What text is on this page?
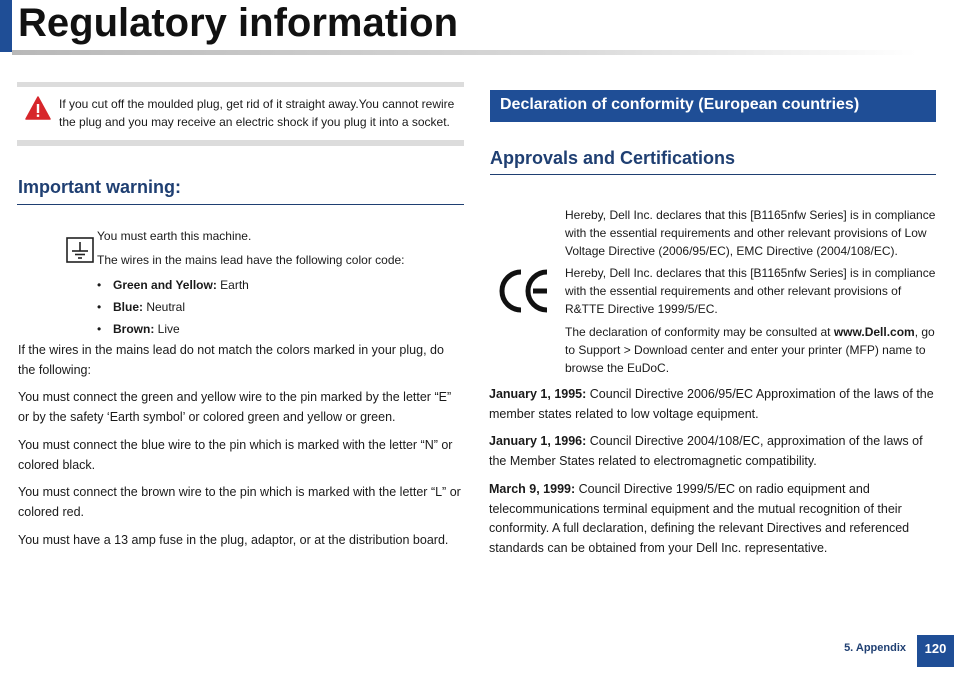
Regulatory information
If you cut off the moulded plug, get rid of it straight away.You cannot rewire the plug and you may receive an electric shock if you plug it into a socket.
Important warning:
You must earth this machine.
The wires in the mains lead have the following color code:
• Green and Yellow: Earth
• Blue: Neutral
• Brown: Live

If the wires in the mains lead do not match the colors marked in your plug, do the following:

You must connect the green and yellow wire to the pin marked by the letter “E” or by the safety ‘Earth symbol’ or colored green and yellow or green.

You must connect the blue wire to the pin which is marked with the letter “N” or colored black.

You must connect the brown wire to the pin which is marked with the letter “L” or colored red.

You must have a 13 amp fuse in the plug, adaptor, or at the distribution board.

Declaration of conformity (European countries)
Approvals and Certifications

Hereby, Dell Inc. declares that this [B1165nfw Series] is in compliance with the essential requirements and other relevant provisions of Low Voltage Directive (2006/95/EC), EMC Directive (2004/108/EC).

Hereby, Dell Inc. declares that this [B1165nfw Series] is in compliance with the essential requirements and other relevant provisions of R&TTE Directive 1999/5/EC.

The declaration of conformity may be consulted at www.Dell.com, go to Support > Download center and enter your printer (MFP) name to browse the EuDoC.

January 1, 1995: Council Directive 2006/95/EC Approximation of the laws of the member states related to low voltage equipment.

January 1, 1996: Council Directive 2004/108/EC, approximation of the laws of the Member States related to electromagnetic compatibility.

March 9, 1999: Council Directive 1999/5/EC on radio equipment and telecommunications terminal equipment and the mutual recognition of their conformity. A full declaration, defining the relevant Directives and referenced standards can be obtained from your Dell Inc. representative.

5. Appendix	120
